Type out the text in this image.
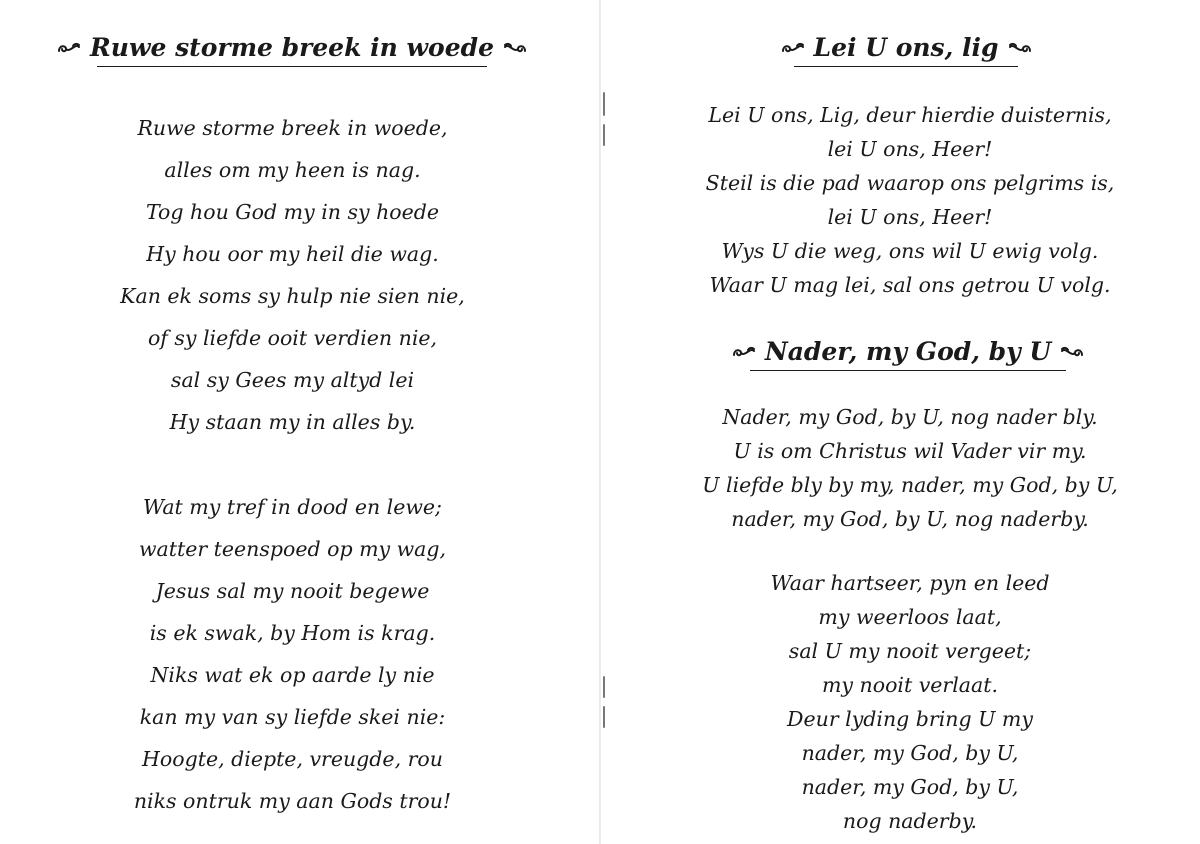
Ruwe storme breek in woede
Ruwe storme breek in woede,
alles om my heen is nag.
Tog hou God my in sy hoede
Hy hou oor my heil die wag.
Kan ek soms sy hulp nie sien nie,
of sy liefde ooit verdien nie,
sal sy Gees my altyd lei
Hy staan my in alles by.
Wat my tref in dood en lewe;
watter teenspoed op my wag,
Jesus sal my nooit begewe
is ek swak, by Hom is krag.
Niks wat ek op aarde ly nie
kan my van sy liefde skei nie:
Hoogte, diepte, vreugde, rou
niks ontruk my aan Gods trou!
Lei U ons, lig
Lei U ons, Lig, deur hierdie duisternis,
lei U ons, Heer!
Steil is die pad waarop ons pelgrims is,
lei U ons, Heer!
Wys U die weg, ons wil U ewig volg.
Waar U mag lei, sal ons getrou U volg.
Nader, my God, by U
Nader, my God, by U, nog nader bly.
U is om Christus wil Vader vir my.
U liefde bly by my, nader, my God, by U,
nader, my God, by U, nog naderby.
Waar hartseer, pyn en leed
my weerloos laat,
sal U my nooit vergeet;
my nooit verlaat.
Deur lyding bring U my
nader, my God, by U,
nader, my God, by U,
nog naderby.
